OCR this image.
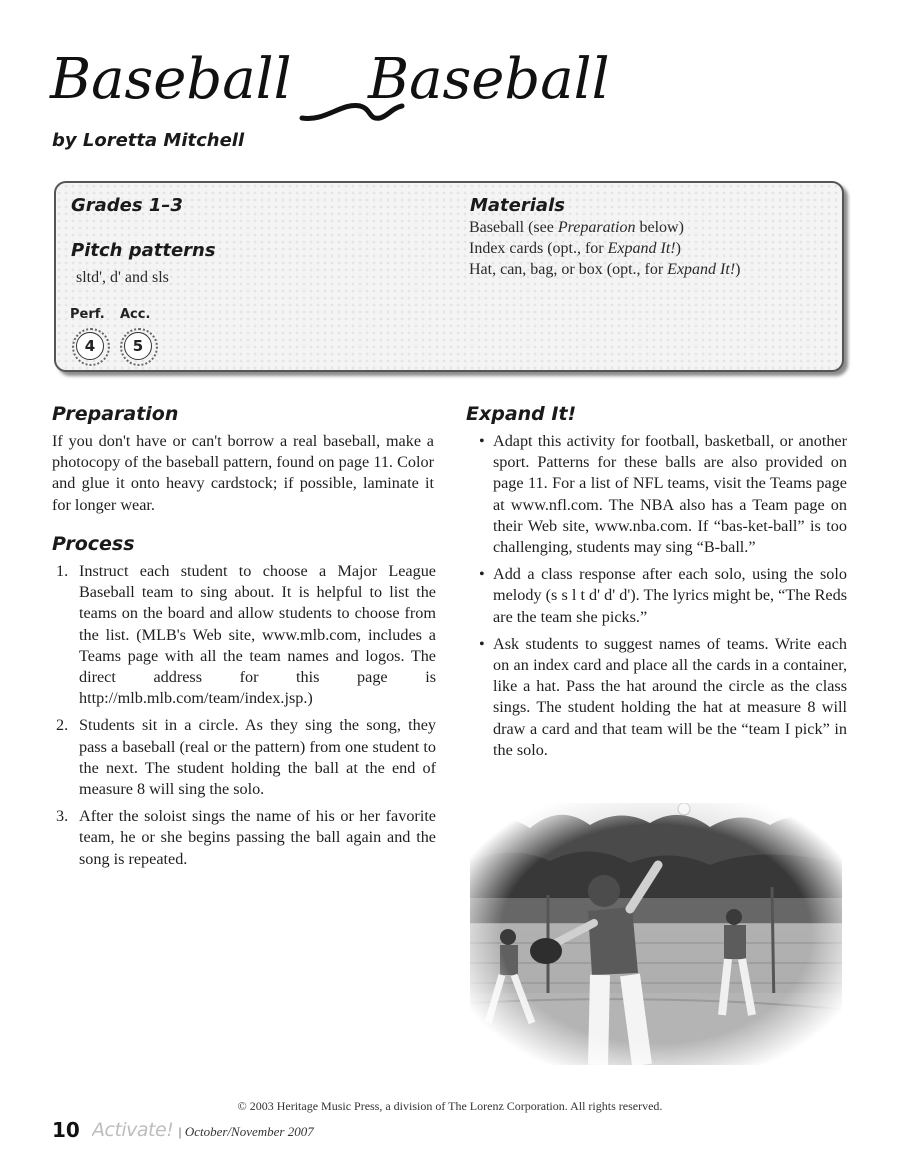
Baseball Baseball
by Loretta Mitchell
Grades 1–3
Pitch patterns
sltd', d' and sls
Perf.
4
Acc.
5
Materials
Baseball (see Preparation below)
Index cards (opt., for Expand It!)
Hat, can, bag, or box (opt., for Expand It!)
Preparation
If you don't have or can't borrow a real baseball, make a photocopy of the baseball pattern, found on page 11. Color and glue it onto heavy cardstock; if possible, laminate it for longer wear.
Process
1. Instruct each student to choose a Major League Baseball team to sing about. It is helpful to list the teams on the board and allow students to choose from the list. (MLB's Web site, www.mlb.com, includes a Teams page with all the team names and logos. The direct address for this page is http://mlb.mlb.com/team/index.jsp.)
2. Students sit in a circle. As they sing the song, they pass a baseball (real or the pattern) from one student to the next. The student holding the ball at the end of measure 8 will sing the solo.
3. After the soloist sings the name of his or her favorite team, he or she begins passing the ball again and the song is repeated.
Expand It!
• Adapt this activity for football, basketball, or another sport. Patterns for these balls are also provided on page 11. For a list of NFL teams, visit the Teams page at www.nfl.com. The NBA also has a Team page on their Web site, www.nba.com. If “bas-ket-ball” is too challenging, students may sing “B-ball.”
• Add a class response after each solo, using the solo melody (s s l t d' d' d'). The lyrics might be, “The Reds are the team she picks.”
• Ask students to suggest names of teams. Write each on an index card and place all the cards in a container, like a hat. Pass the hat around the circle as the class sings. The student holding the hat at measure 8 will draw a card and that team will be the “team I pick” in the solo.
© 2003 Heritage Music Press, a division of The Lorenz Corporation. All rights reserved.
10 Activate! | October/November 2007
